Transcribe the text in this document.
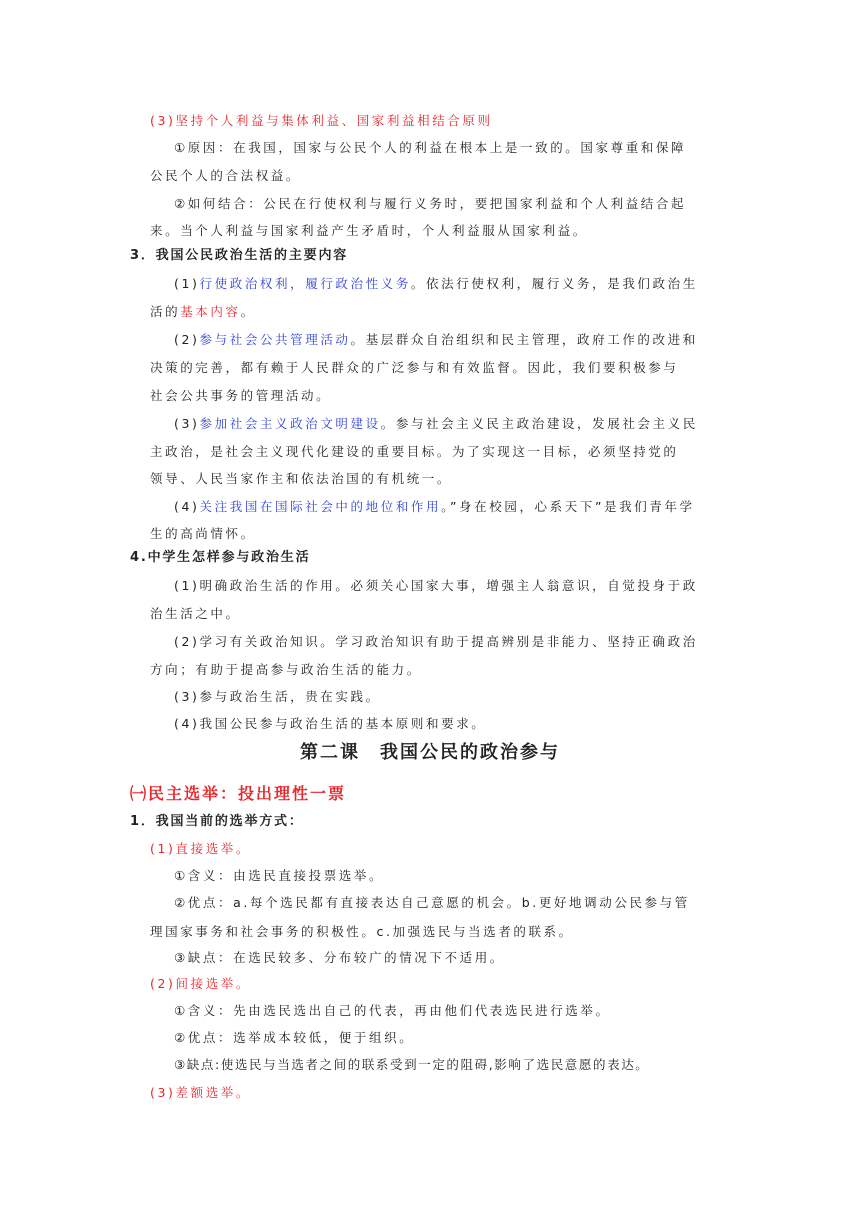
(3)坚持个人利益与集体利益、国家利益相结合原则
①原因：在我国，国家与公民个人的利益在根本上是一致的。国家尊重和保障
公民个人的合法权益。
②如何结合：公民在行使权利与履行义务时，要把国家利益和个人利益结合起
来。当个人利益与国家利益产生矛盾时，个人利益服从国家利益。
3．我国公民政治生活的主要内容
(1)行使政治权利，履行政治性义务。依法行使权利，履行义务，是我们政治生
活的基本内容。
(2)参与社会公共管理活动。基层群众自治组织和民主管理，政府工作的改进和
决策的完善，都有赖于人民群众的广泛参与和有效监督。因此，我们要积极参与
社会公共事务的管理活动。
(3)参加社会主义政治文明建设。参与社会主义民主政治建设，发展社会主义民
主政治，是社会主义现代化建设的重要目标。为了实现这一目标，必须坚持党的
领导、人民当家作主和依法治国的有机统一。
(4)关注我国在国际社会中的地位和作用。”身在校园，心系天下”是我们青年学
生的高尚情怀。
4.中学生怎样参与政治生活
(1)明确政治生活的作用。必须关心国家大事，增强主人翁意识，自觉投身于政
治生活之中。
(2)学习有关政治知识。学习政治知识有助于提高辨别是非能力、坚持正确政治
方向；有助于提高参与政治生活的能力。
(3)参与政治生活，贵在实践。
(4)我国公民参与政治生活的基本原则和要求。
第二课　我国公民的政治参与
㈠民主选举：投出理性一票
1．我国当前的选举方式：
(1)直接选举。
①含义：由选民直接投票选举。
②优点：a.每个选民都有直接表达自己意愿的机会。b.更好地调动公民参与管
理国家事务和社会事务的积极性。c.加强选民与当选者的联系。
③缺点：在选民较多、分布较广的情况下不适用。
(2)间接选举。
①含义：先由选民选出自己的代表，再由他们代表选民进行选举。
②优点：选举成本较低，便于组织。
③缺点:使选民与当选者之间的联系受到一定的阻碍,影响了选民意愿的表达。
(3)差额选举。
